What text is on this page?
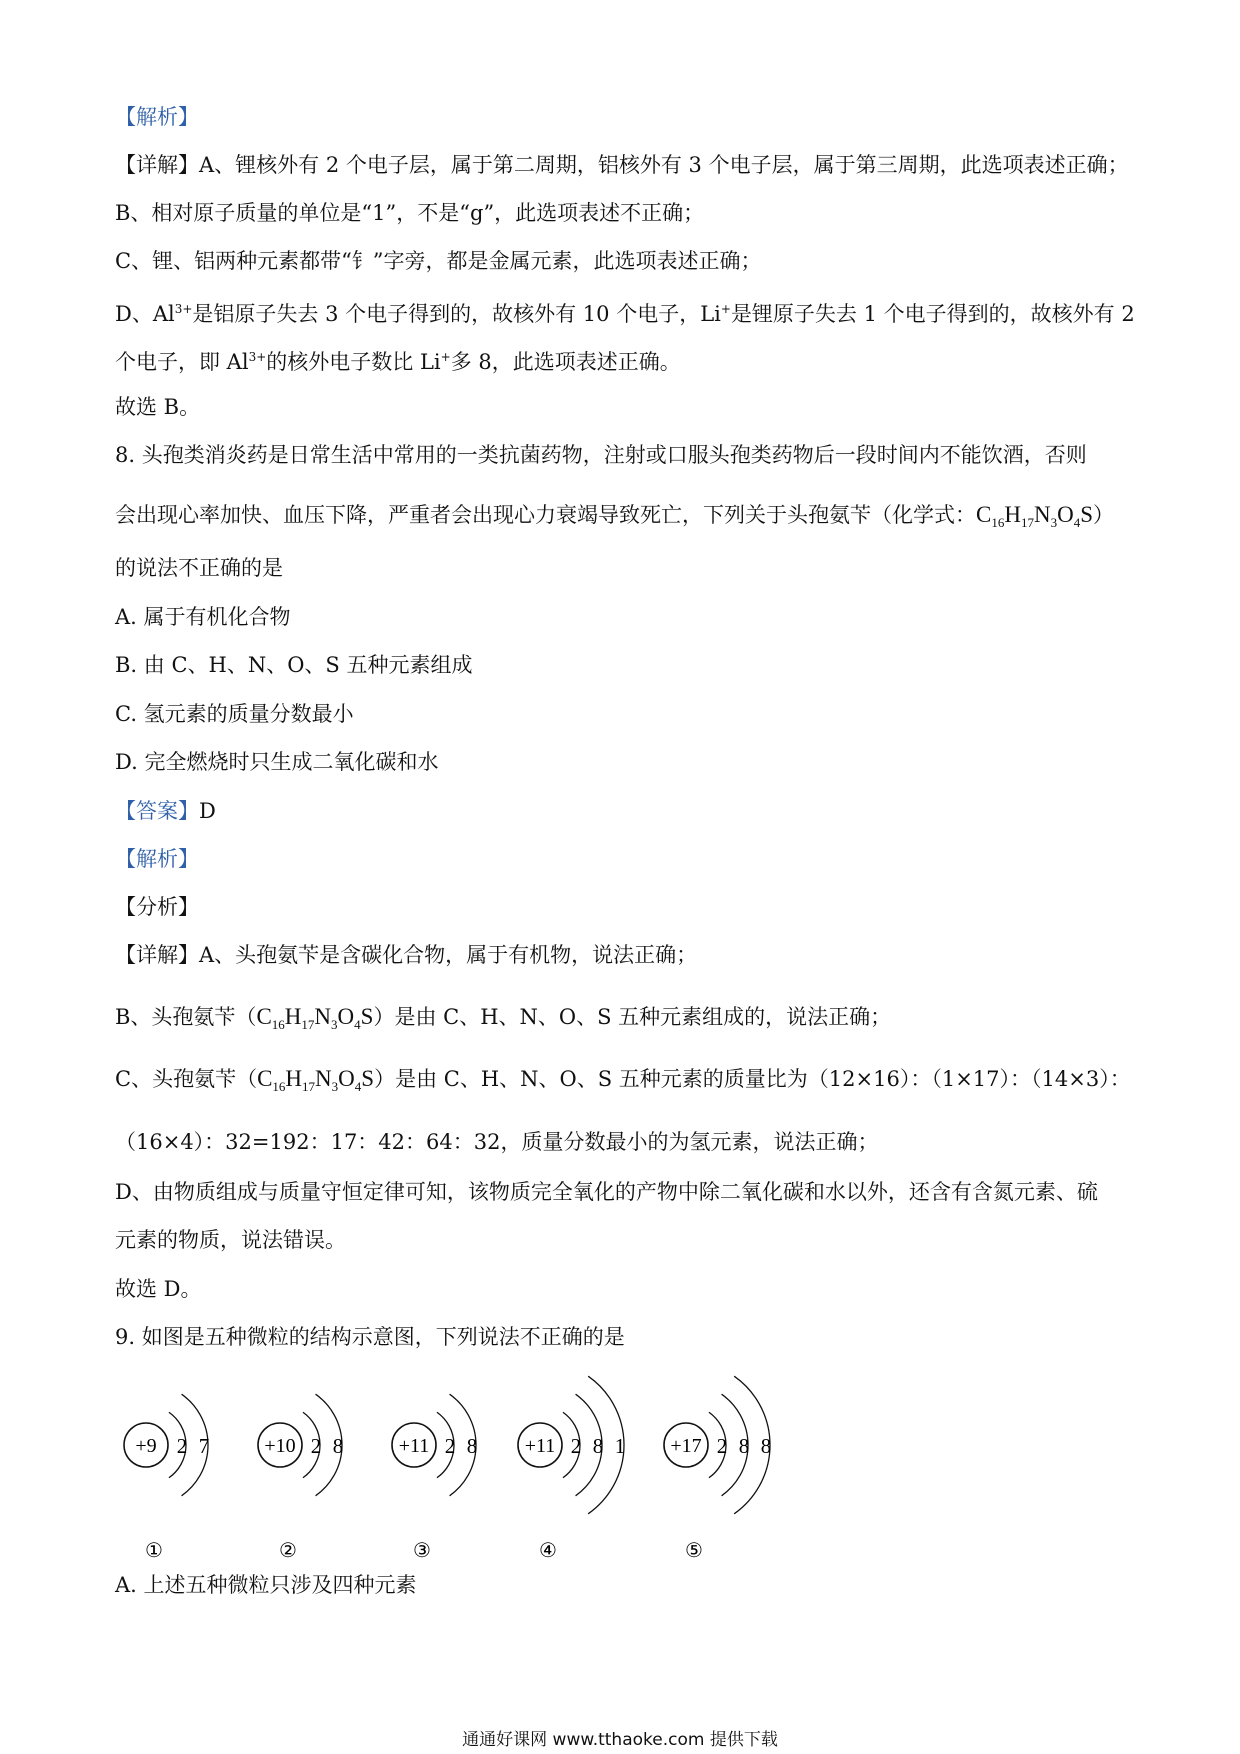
【解析】
【详解】A、锂核外有 2 个电子层，属于第二周期，铝核外有 3 个电子层，属于第三周期，此选项表述正确；
B、相对原子质量的单位是“1”，不是“g”，此选项表述不正确；
C、锂、铝两种元素都带“钅”字旁，都是金属元素，此选项表述正确；
D、$Al^{3+}$是铝原子失去 3 个电子得到的，故核外有 10 个电子，Li+是锂原子失去 1 个电子得到的，故核外有 2
个电子，即 $Al^{3+}$的核外电子数比 Li+多 8，此选项表述正确。
故选 B。
8. 头孢类消炎药是日常生活中常用的一类抗菌药物，注射或口服头孢类药物后一段时间内不能饮酒，否则
会出现心率加快、血压下降，严重者会出现心力衰竭导致死亡，下列关于头孢氨苄（化学式：$C_{16}H_{17}N_3O_4S$）
的说法不正确的是
A. 属于有机化合物
B. 由 C、H、N、O、S 五种元素组成
C. 氢元素的质量分数最小
D. 完全燃烧时只生成二氧化碳和水
【答案】D
【解析】
【分析】
【详解】A、头孢氨苄是含碳化合物，属于有机物，说法正确；
B、头孢氨苄$(C_{16}H_{17}N_3O_4S)$是由 C、H、N、O、S 五种元素组成的，说法正确；
C、头孢氨苄$(C_{16}H_{17}N_3O_4S)$是由 C、H、N、O、S 五种元素的质量比为（12×16）：（1×17）：（14×3）：
（16×4）：32=192：17：42：64：32，质量分数最小的为氢元素，说法正确；
D、由物质组成与质量守恒定律可知，该物质完全氧化的产物中除二氧化碳和水以外，还含有含氮元素、硫
元素的物质，说法错误。
故选 D。
9. 如图是五种微粒的结构示意图，下列说法不正确的是
+9 2 7
①
+10 2 8
②
+11 2 8
③
+11 2 8 1
④
+17 2 8 8
⑤
A. 上述五种微粒只涉及四种元素
通通好课网 www.tthaoke.com 提供下载
